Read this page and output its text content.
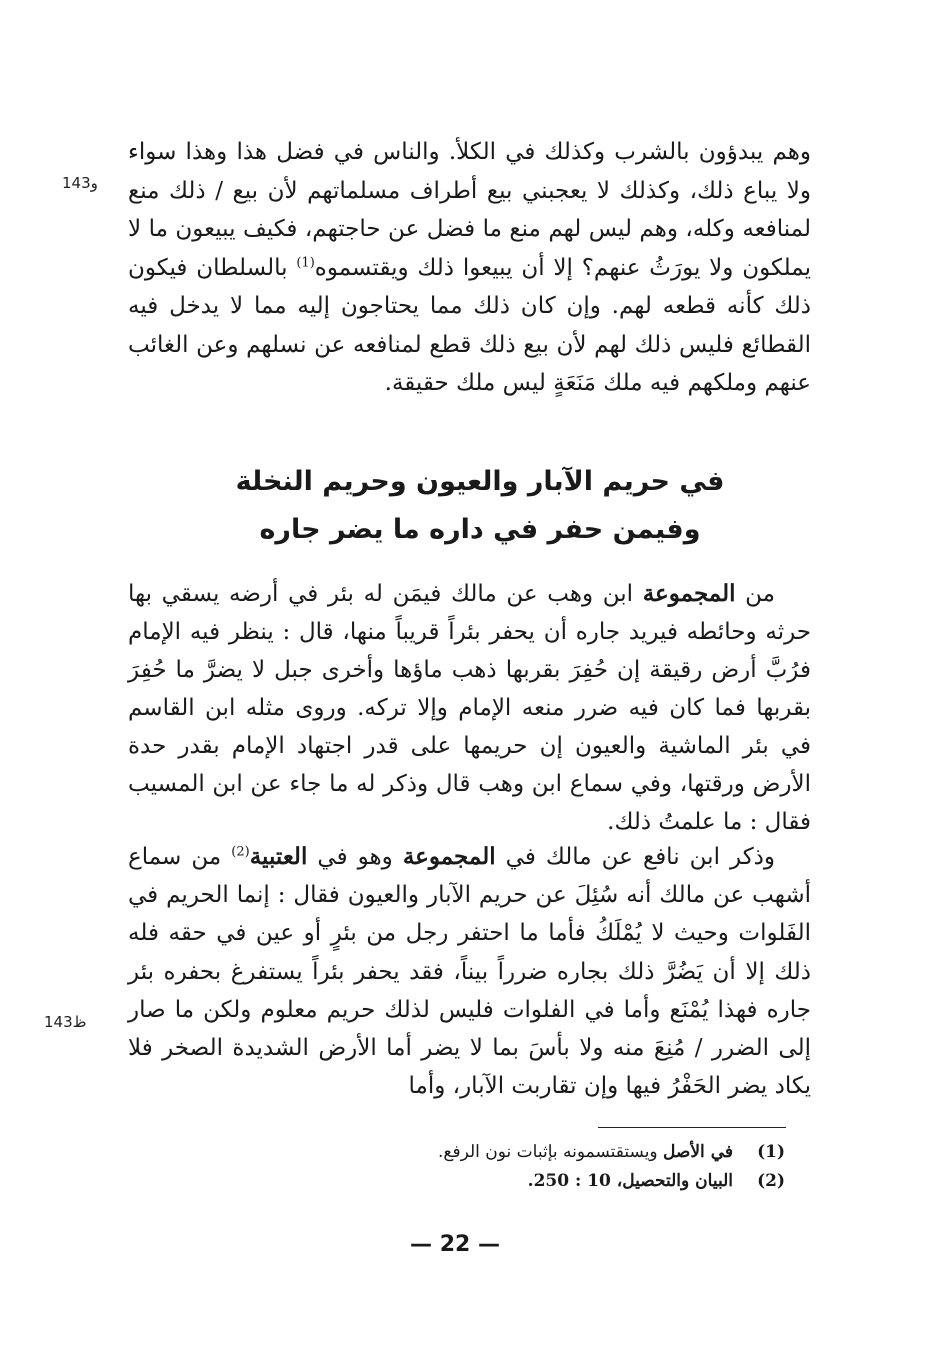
143و
وهم يبدؤون بالشرب وكذلك في الكلأ. والناس في فضل هذا وهذا سواء ولا يباع ذلك، وكذلك لا يعجبني بيع أطراف مسلماتهم لأن بيع / ذلك منع لمنافعه وكله، وهم ليس لهم منع ما فضل عن حاجتهم، فكيف يبيعون ما لا يملكون ولا يورَثُ عنهم؟ إلا أن يبيعوا ذلك ويقتسموه$^{(1)}$ بالسلطان فيكون ذلك كأنه قطعه لهم. وإن كان ذلك مما يحتاجون إليه مما لا يدخل فيه القطائع فليس ذلك لهم لأن بيع ذلك قطع لمنافعه عن نسلهم وعن الغائب عنهم وملكهم فيه ملك مَنَعَةٍ ليس ملك حقيقة.
في حريم الآبار والعيون وحريم النخلة
وفيمن حفر في داره ما يضر جاره
من المجموعة ابن وهب عن مالك فيمَن له بئر في أرضه يسقي بها حرثه وحائطه فيريد جاره أن يحفر بئراً قريباً منها، قال : ينظر فيه الإمام فرُبَّ أرض رقيقة إن حُفِرَ بقربها ذهب ماؤها وأخرى جبل لا يضرَّ ما حُفِرَ بقربها فما كان فيه ضرر منعه الإمام وإلا تركه. وروى مثله ابن القاسم في بئر الماشية والعيون إن حريمها على قدر اجتهاد الإمام بقدر حدة الأرض ورقتها، وفي سماع ابن وهب قال وذكر له ما جاء عن ابن المسيب فقال : ما علمتُ ذلك.
وذكر ابن نافع عن مالك في المجموعة وهو في العتبية$^{(2)}$ من سماع أشهب عن مالك أنه سُئِلَ عن حريم الآبار والعيون فقال : إنما الحريم في الفَلوات وحيث لا يُمْلَكُ فأما ما احتفر رجل من بئرٍ أو عين في حقه فله ذلك إلا أن يَضُرَّ ذلك بجاره ضرراً بيناً، فقد يحفر بئراً يستفرغ بحفره بئر جاره فهذا يُمْنَع وأما في الفلوات فليس لذلك حريم معلوم ولكن ما صار إلى الضرر / مُنِعَ منه ولا بأسَ بما لا يضر أما الأرض الشديدة الصخر فلا يكاد يضر الحَفْرُ فيها وإن تقاربت الآبار، وأما
143ظ
(1)في الأصل ويستقتسمونه بإثبات نون الرفع.
(2)البيان والتحصيل، 10 : 250.
— 22 —
